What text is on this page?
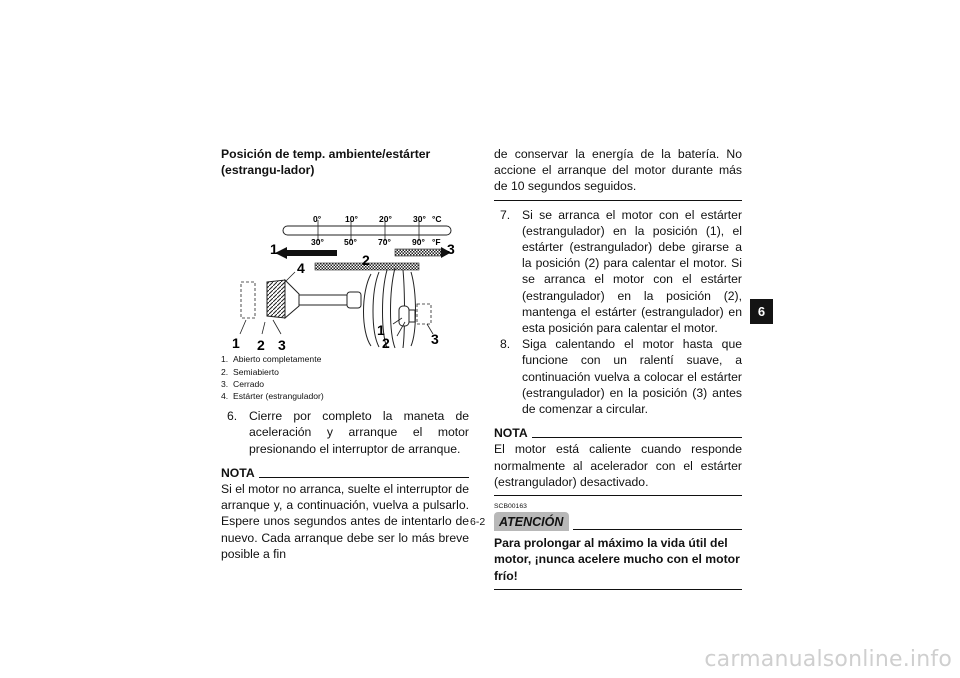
Posición de temp. ambiente/estárter (estrangu-lador)

0°	10° 20° 30° °C
30° 50° 70° 90° °F
1
2
3
4
1 2 3
1
2	3
1. Abierto completamente
2. Semiabierto
3. Cerrado
4. Estárter (estrangulador)
6. Cierre por completo la maneta de aceleración y arranque el motor presionando el interruptor de arranque.
NOTA
Si el motor no arranca, suelte el interruptor de arranque y, a continuación, vuelva a pulsarlo. Espere unos segundos antes de intentarlo de nuevo. Cada arranque debe ser lo más breve posible a fin
de conservar la energía de la batería. No accione el arranque del motor durante más de 10 segundos seguidos.
7. Si se arranca el motor con el estárter (estrangulador) en la posición (1), el estárter (estrangulador) debe girarse a la posición (2) para calentar el motor. Si se arranca el motor con el estárter (estrangulador) en la posición (2), mantenga el estárter (estrangulador) en esta posición para calentar el motor.
8. Siga calentando el motor hasta que funcione con un ralentí suave, a continuación vuelva a colocar el estárter (estrangulador) en la posición (3) antes de comenzar a circular.
NOTA
El motor está caliente cuando responde normalmente al acelerador con el estárter (estrangulador) desactivado.
SCB00163
ATENCIÓN
Para prolongar al máximo la vida útil del motor, ¡nunca acelere mucho con el motor frío!
6
6-2
carmanualsonline.info
